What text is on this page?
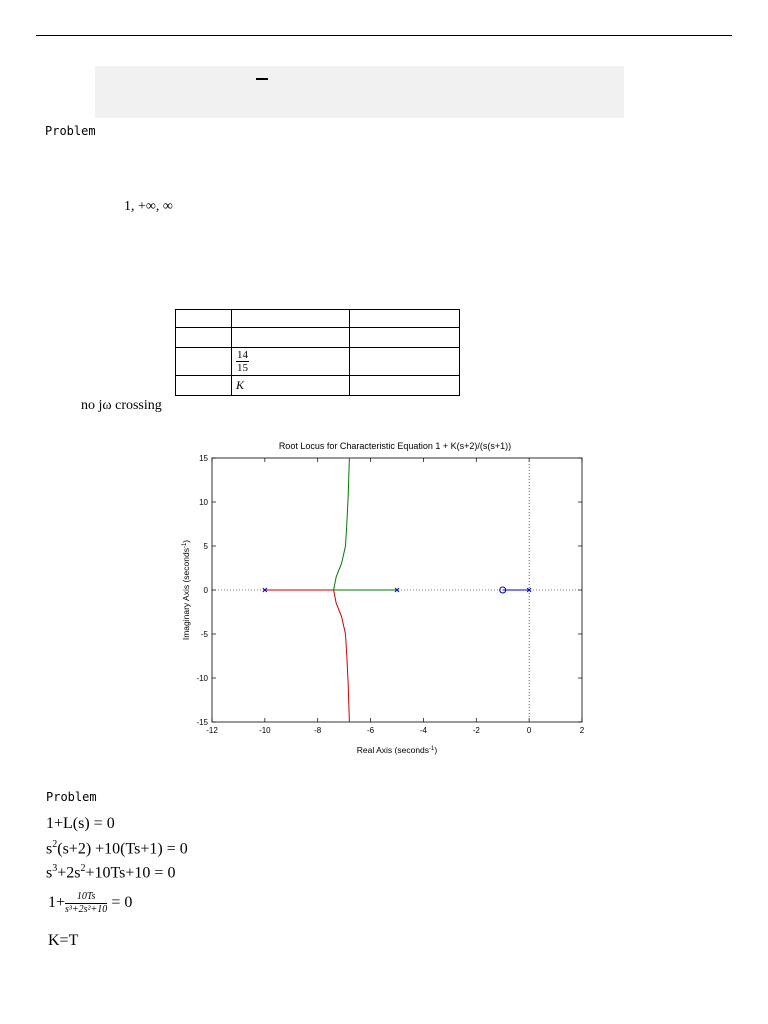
Problem
1, +∞, ∞

	$\frac{14}{15}$

	K	
no jω crossing
Root Locus for Characteristic Equation 1 + K(s+2)/(s(s+1))
-12	-10	-8	-6	-4	-2	0	2
-15
-10
-5
0
5
10
15
Real Axis (seconds$^{-1}$)
Imaginary Axis (seconds$^{-1}$)
Problem
1+L(s) = 0
$s^2(s+2) +10(Ts+1) = 0$
$s^3+2s^2+10Ts+10 = 0$
$1+ \frac{10Ts}{\text{s³+2s²+10}} = 0$
K=T
